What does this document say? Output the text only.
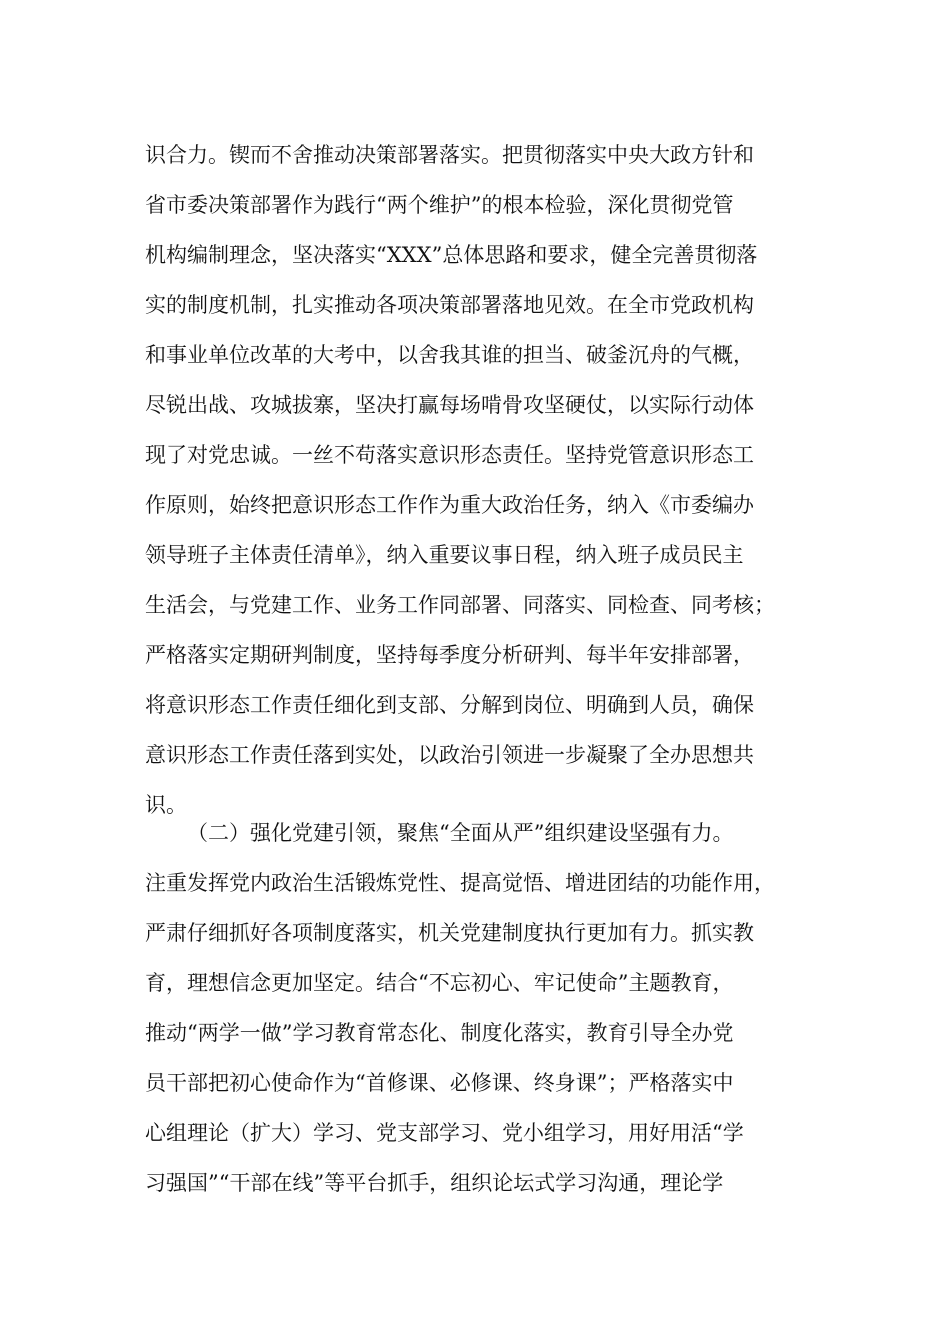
识合力。锲而不舍推动决策部署落实。把贯彻落实中央大政方针和
省市委决策部署作为践行“两个维护”的根本检验，深化贯彻党管
机构编制理念，坚决落实“XXX”总体思路和要求，健全完善贯彻落
实的制度机制，扎实推动各项决策部署落地见效。在全市党政机构
和事业单位改革的大考中，以舍我其谁的担当、破釜沉舟的气概，
尽锐出战、攻城拔寨，坚决打赢每场啃骨攻坚硬仗，以实际行动体
现了对党忠诚。一丝不苟落实意识形态责任。坚持党管意识形态工
作原则，始终把意识形态工作作为重大政治任务，纳入《市委编办
领导班子主体责任清单》，纳入重要议事日程，纳入班子成员民主
生活会，与党建工作、业务工作同部署、同落实、同检查、同考核；
严格落实定期研判制度，坚持每季度分析研判、每半年安排部署，
将意识形态工作责任细化到支部、分解到岗位、明确到人员，确保
意识形态工作责任落到实处，以政治引领进一步凝聚了全办思想共
识。
（二）强化党建引领，聚焦“全面从严”组织建设坚强有力。
注重发挥党内政治生活锻炼党性、提高觉悟、增进团结的功能作用，
严肃仔细抓好各项制度落实，机关党建制度执行更加有力。抓实教
育，理想信念更加坚定。结合“不忘初心、牢记使命”主题教育，
推动“两学一做”学习教育常态化、制度化落实，教育引导全办党
员干部把初心使命作为“首修课、必修课、终身课”；严格落实中
心组理论（扩大）学习、党支部学习、党小组学习，用好用活“学
习强国”“干部在线”等平台抓手，组织论坛式学习沟通，理论学
